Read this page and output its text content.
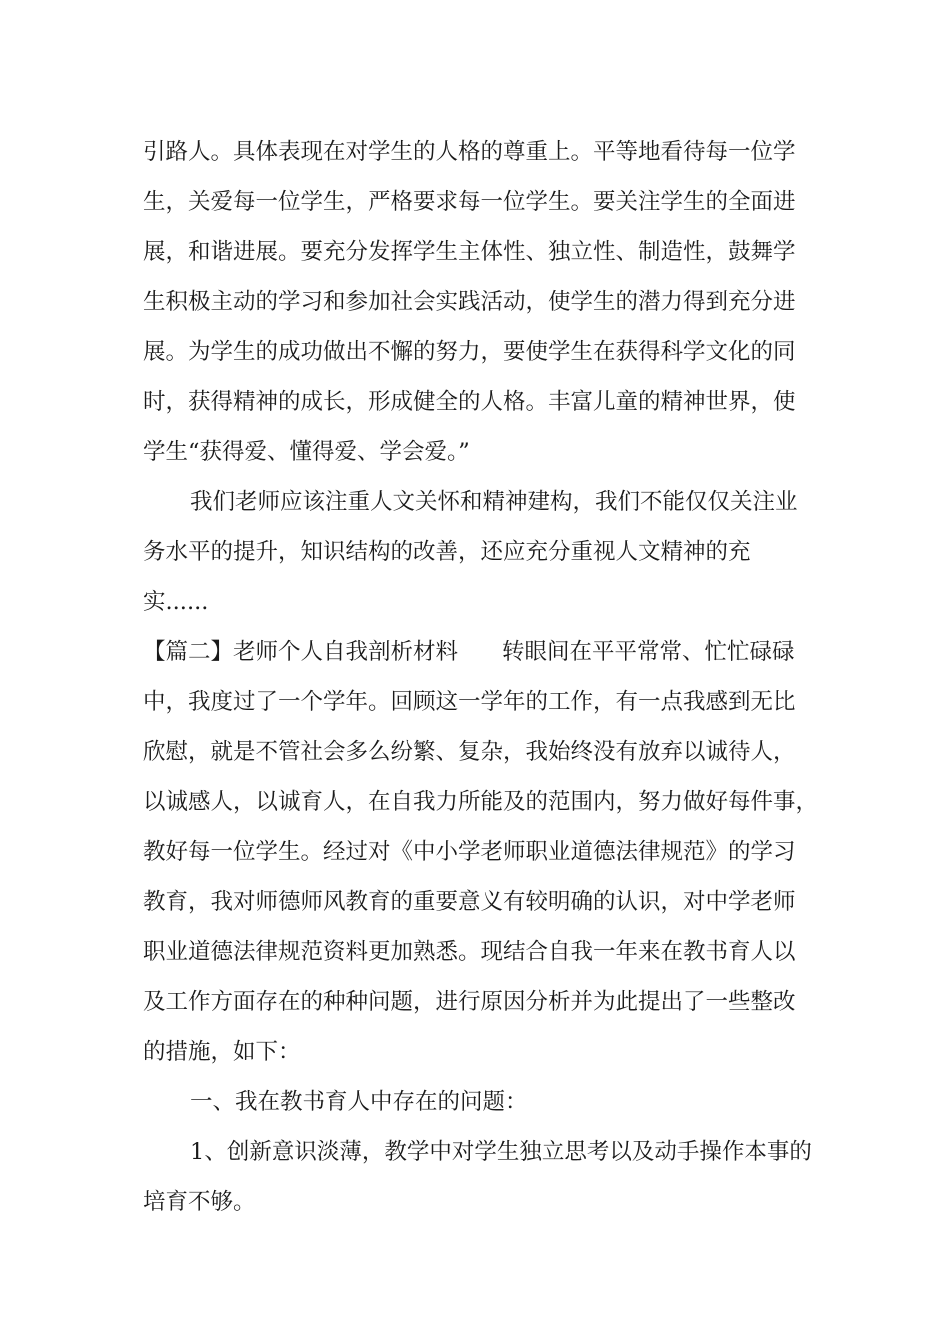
引路人。具体表现在对学生的人格的尊重上。平等地看待每一位学

生，关爱每一位学生，严格要求每一位学生。要关注学生的全面进

展，和谐进展。要充分发挥学生主体性、独立性、制造性，鼓舞学

生积极主动的学习和参加社会实践活动，使学生的潜力得到充分进

展。为学生的成功做出不懈的努力，要使学生在获得科学文化的同

时，获得精神的成长，形成健全的人格。丰富儿童的精神世界，使

学生“获得爱、懂得爱、学会爱。”

我们老师应该注重人文关怀和精神建构，我们不能仅仅关注业

务水平的提升，知识结构的改善，还应充分重视人文精神的充

实......

【篇二】老师个人自我剖析材料 转眼间在平平常常、忙忙碌碌

中，我度过了一个学年。回顾这一学年的工作，有一点我感到无比

欣慰，就是不管社会多么纷繁、复杂，我始终没有放弃以诚待人，

以诚感人，以诚育人，在自我力所能及的范围内，努力做好每件事，

教好每一位学生。经过对《中小学老师职业道德法律规范》的学习

教育，我对师德师风教育的重要意义有较明确的认识，对中学老师

职业道德法律规范资料更加熟悉。现结合自我一年来在教书育人以

及工作方面存在的种种问题，进行原因分析并为此提出了一些整改

的措施，如下：

一、我在教书育人中存在的问题：

1、创新意识淡薄，教学中对学生独立思考以及动手操作本事的

培育不够。
